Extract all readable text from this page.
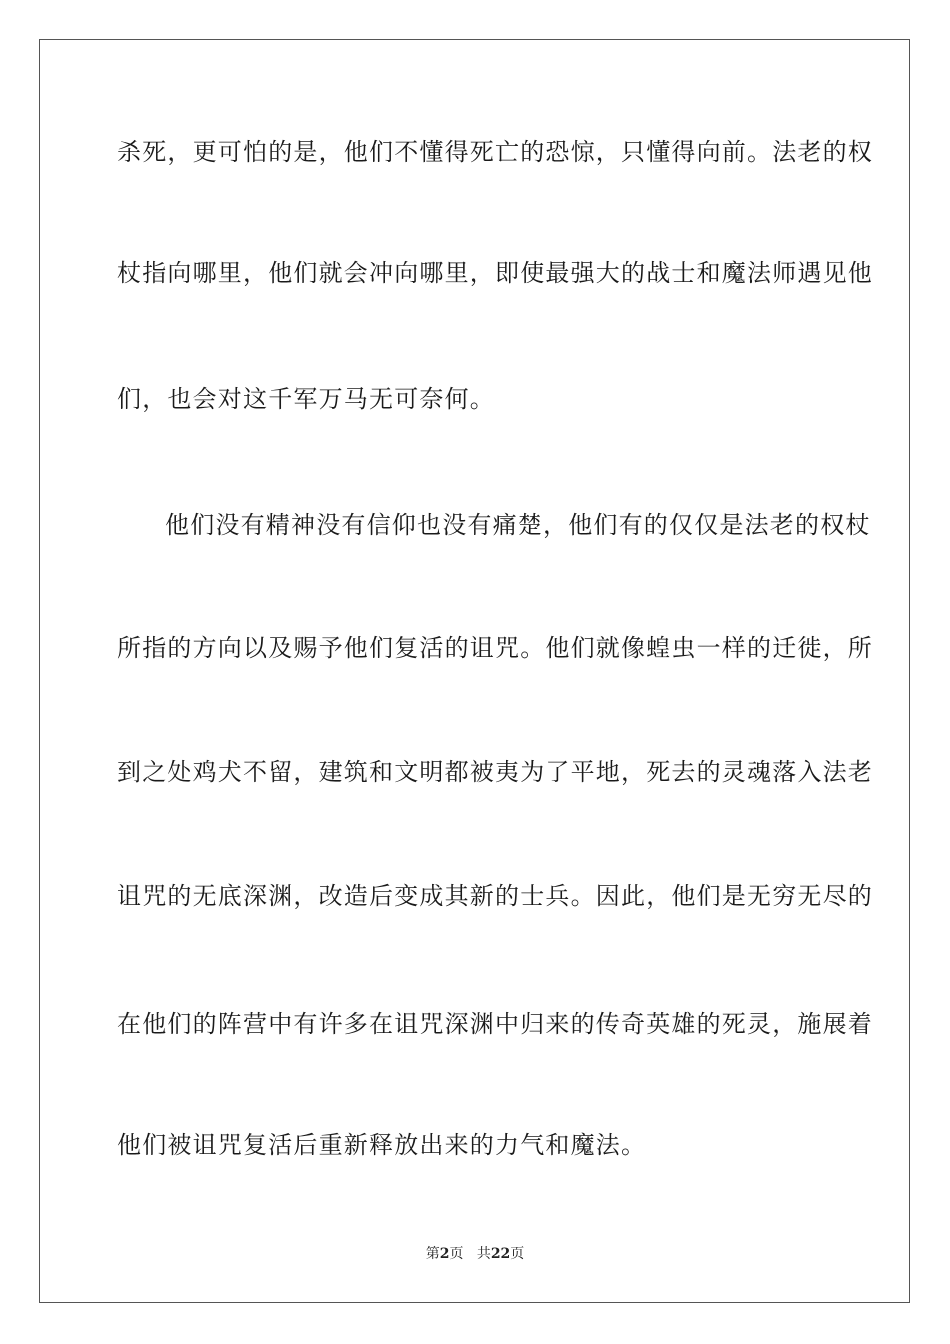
杀死，更可怕的是，他们不懂得死亡的恐惊，只懂得向前。法老的权
杖指向哪里，他们就会冲向哪里，即使最强大的战士和魔法师遇见他
们，也会对这千军万马无可奈何。
他们没有精神没有信仰也没有痛楚，他们有的仅仅是法老的权杖
所指的方向以及赐予他们复活的诅咒。他们就像蝗虫一样的迁徙，所
到之处鸡犬不留，建筑和文明都被夷为了平地，死去的灵魂落入法老
诅咒的无底深渊，改造后变成其新的士兵。因此，他们是无穷无尽的
在他们的阵营中有许多在诅咒深渊中归来的传奇英雄的死灵，施展着
他们被诅咒复活后重新释放出来的力气和魔法。
第2页 共22页
